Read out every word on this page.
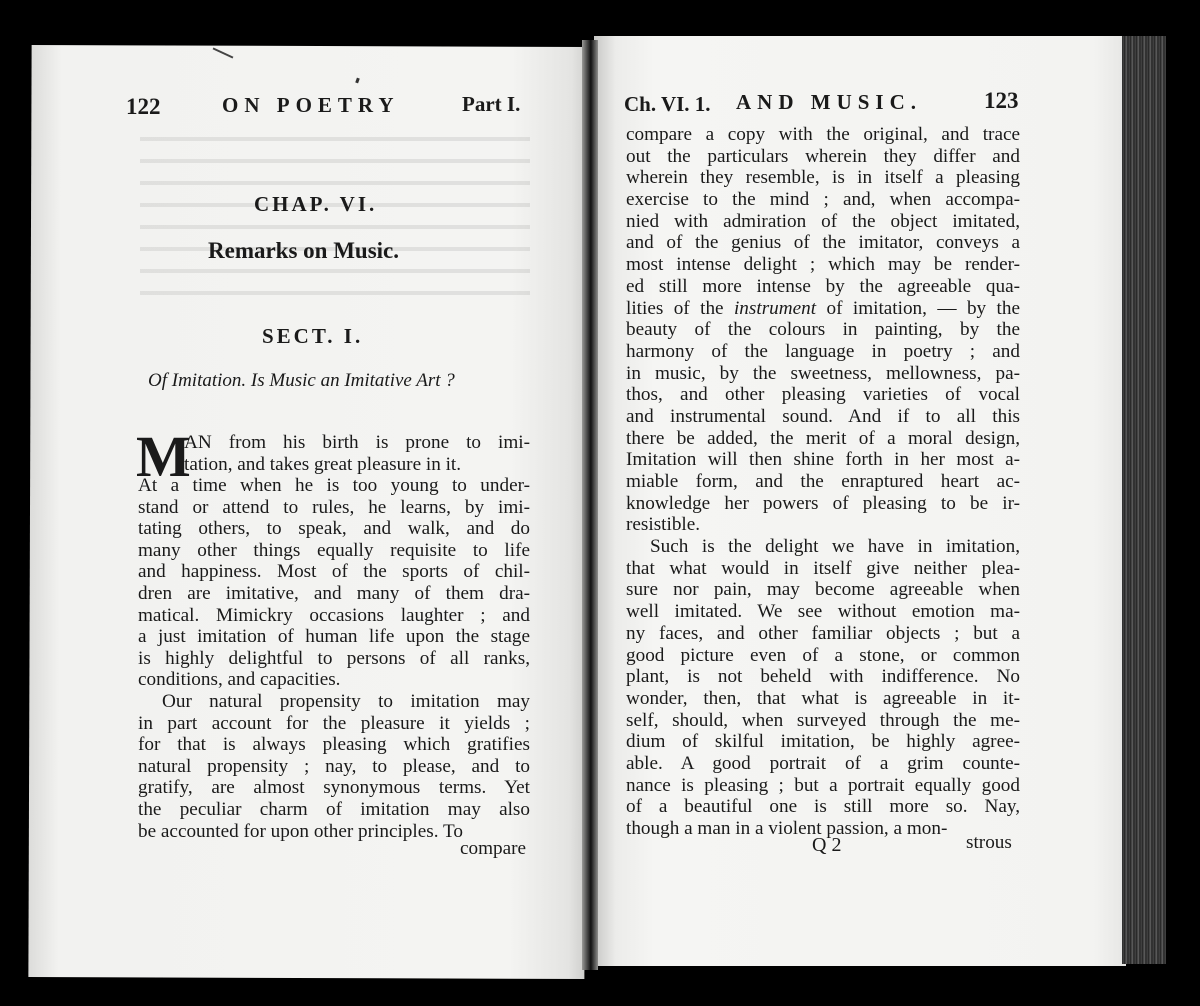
122	ON POETRY	Part I.
CHAP. VI.
Remarks on Music.
SECT. I.
Of Imitation. Is Music an Imitative Art ?
M
AN from his birth is prone to imi-
tation, and takes great pleasure in it.
At a time when he is too young to under-
stand or attend to rules, he learns, by imi-
tating others, to speak, and walk, and do
many other things equally requisite to life
and happiness. Most of the sports of chil-
dren are imitative, and many of them dra-
matical. Mimickry occasions laughter ; and
a just imitation of human life upon the stage
is highly delightful to persons of all ranks,
conditions, and capacities.
Our natural propensity to imitation may
in part account for the pleasure it yields ;
for that is always pleasing which gratifies
natural propensity ; nay, to please, and to
gratify, are almost synonymous terms. Yet
the peculiar charm of imitation may also
be accounted for upon other principles. To
compare
Ch. VI. 1. AND MUSIC.	123
compare a copy with the original, and trace
out the particulars wherein they differ and
wherein they resemble, is in itself a pleasing
exercise to the mind ; and, when accompa-
nied with admiration of the object imitated,
and of the genius of the imitator, conveys a
most intense delight ; which may be render-
ed still more intense by the agreeable qua-
lities of the instrument of imitation, — by the
beauty of the colours in painting, by the
harmony of the language in poetry ; and
in music, by the sweetness, mellowness, pa-
thos, and other pleasing varieties of vocal
and instrumental sound. And if to all this
there be added, the merit of a moral design,
Imitation will then shine forth in her most a-
miable form, and the enraptured heart ac-
knowledge her powers of pleasing to be ir-
resistible.
Such is the delight we have in imitation,
that what would in itself give neither plea-
sure nor pain, may become agreeable when
well imitated. We see without emotion ma-
ny faces, and other familiar objects ; but a
good picture even of a stone, or common
plant, is not beheld with indifference. No
wonder, then, that what is agreeable in it-
self, should, when surveyed through the me-
dium of skilful imitation, be highly agree-
able. A good portrait of a grim counte-
nance is pleasing ; but a portrait equally good
of a beautiful one is still more so. Nay,
though a man in a violent passion, a mon-
Q 2	strous
